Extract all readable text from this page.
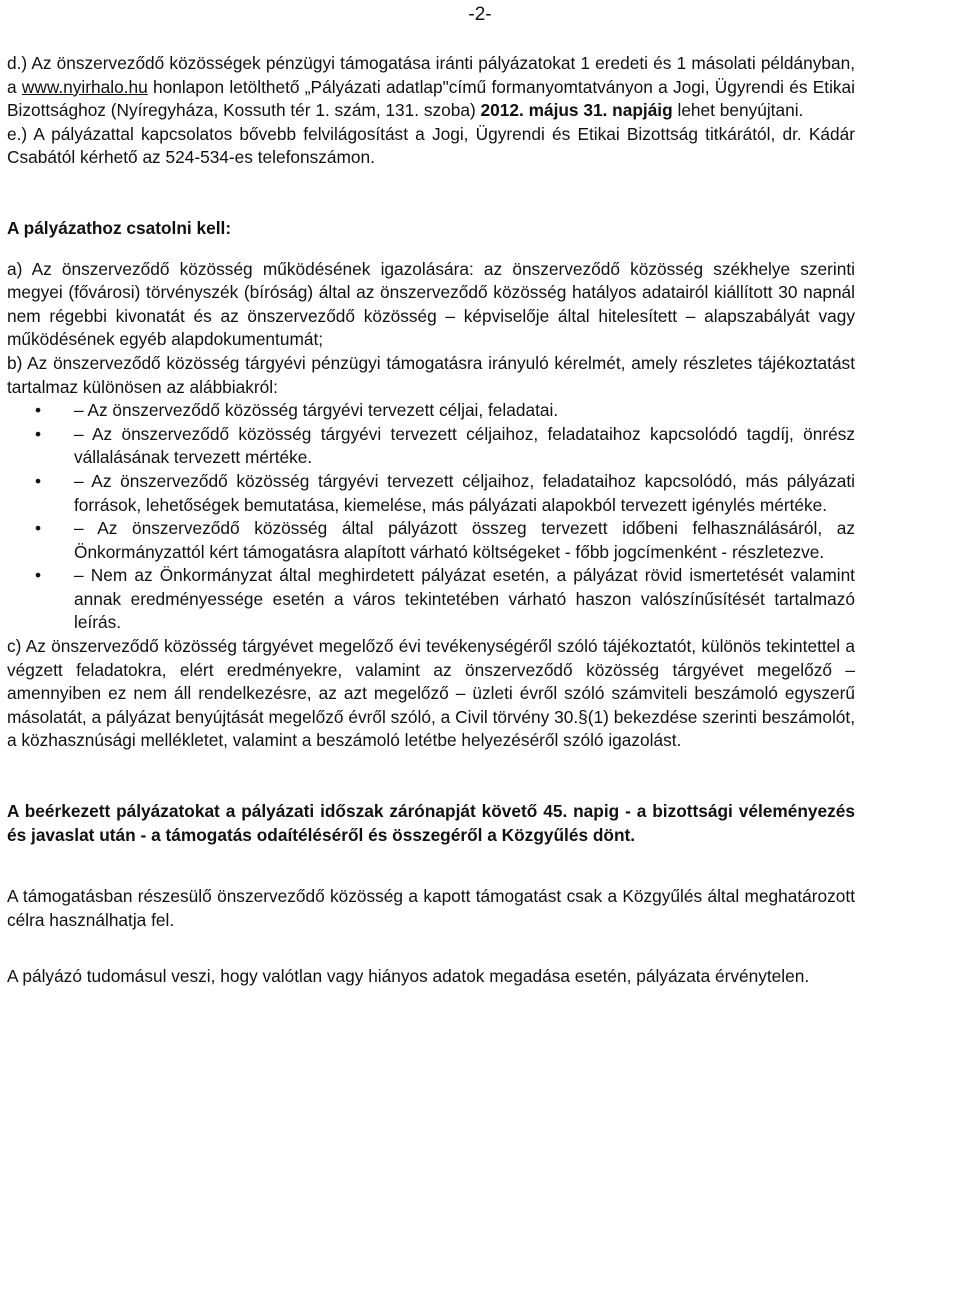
-2-

d.) Az önszerveződő közösségek pénzügyi támogatása iránti pályázatokat 1 eredeti és 1 másolati példányban, a www.nyirhalo.hu honlapon letölthető „Pályázati adatlap"című formanyomtatványon a Jogi, Ügyrendi és Etikai Bizottsághoz (Nyíregyháza, Kossuth tér 1. szám, 131. szoba) 2012. május 31. napjáig lehet benyújtani.

e.) A pályázattal kapcsolatos bővebb felvilágosítást a Jogi, Ügyrendi és Etikai Bizottság titkárától, dr. Kádár Csabától kérhető az 524-534-es telefonszámon.

A pályázathoz csatolni kell:

a) Az önszerveződő közösség működésének igazolására: az önszerveződő közösség székhelye szerinti megyei (fővárosi) törvényszék (bíróság) által az önszerveződő közösség hatályos adatairól kiállított 30 napnál nem régebbi kivonatát és az önszerveződő közösség – képviselője által hitelesített – alapszabályát vagy működésének egyéb alapdokumentumát;

b) Az önszerveződő közösség tárgyévi pénzügyi támogatásra irányuló kérelmét, amely részletes tájékoztatást tartalmaz különösen az alábbiakról:

• – Az önszerveződő közösség tárgyévi tervezett céljai, feladatai.
• – Az önszerveződő közösség tárgyévi tervezett céljaihoz, feladataihoz kapcsolódó tagdíj, önrész vállalásának tervezett mértéke.
• – Az önszerveződő közösség tárgyévi tervezett céljaihoz, feladataihoz kapcsolódó, más pályázati források, lehetőségek bemutatása, kiemelése, más pályázati alapokból tervezett igénylés mértéke.
• – Az önszerveződő közösség által pályázott összeg tervezett időbeni felhasználásáról, az Önkormányzattól kért támogatásra alapított várható költségeket - főbb jogcímenként - részletezve.
• – Nem az Önkormányzat által meghirdetett pályázat esetén, a pályázat rövid ismertetését valamint annak eredményessége esetén a város tekintetében várható haszon valószínűsítését tartalmazó leírás.

c) Az önszerveződő közösség tárgyévet megelőző évi tevékenységéről szóló tájékoztatót, különös tekintettel a végzett feladatokra, elért eredményekre, valamint az önszerveződő közösség tárgyévet megelőző – amennyiben ez nem áll rendelkezésre, az azt megelőző – üzleti évről szóló számviteli beszámoló egyszerű másolatát, a pályázat benyújtását megelőző évről szóló, a Civil törvény 30.§(1) bekezdése szerinti beszámolót, a közhasznúsági mellékletet, valamint a beszámoló letétbe helyezéséről szóló igazolást.

A beérkezett pályázatokat a pályázati időszak zárónapját követő 45. napig - a bizottsági véleményezés és javaslat után - a támogatás odaítéléséről és összegéről a Közgyűlés dönt.

A támogatásban részesülő önszerveződő közösség a kapott támogatást csak a Közgyűlés által meghatározott célra használhatja fel.

A pályázó tudomásul veszi, hogy valótlan vagy hiányos adatok megadása esetén, pályázata érvénytelen.
